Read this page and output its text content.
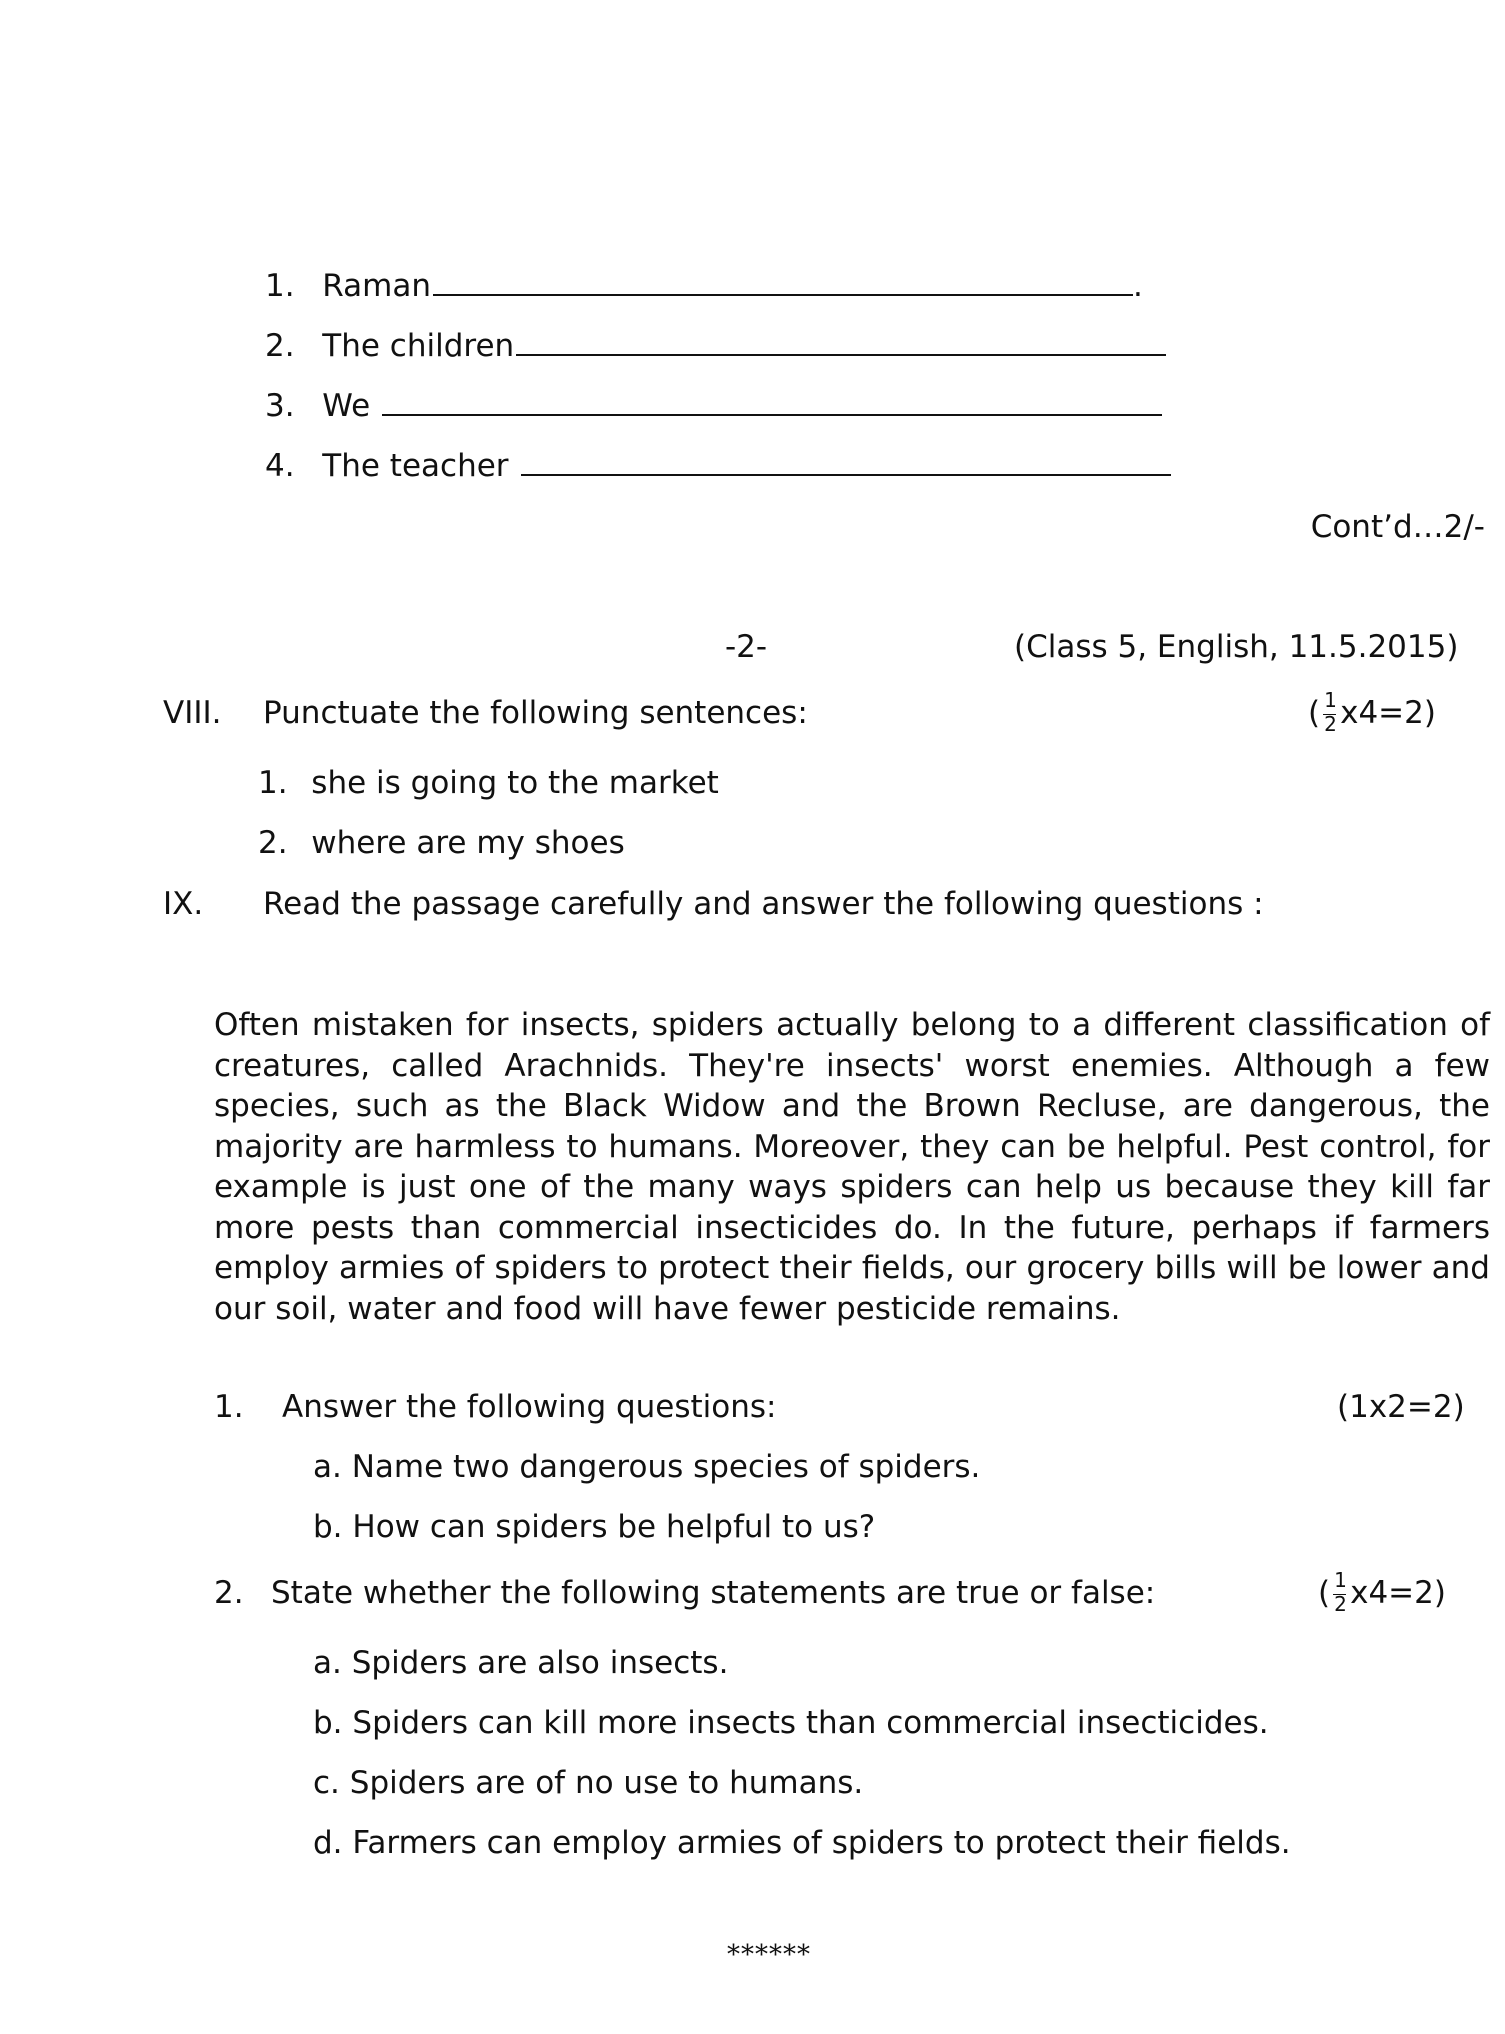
1. Raman	.
2. The children
3. We
4. The teacher
Cont’d…2/-
-2-	(Class 5, English, 11.5.2015)
VIII. Punctuate the following sentences:	( $\frac{1}{2} x4=2$)
1. she is going to the market
2. where are my shoes
IX. Read the passage carefully and answer the following questions :
Often mistaken for insects, spiders actually belong to a different classification of creatures, called Arachnids. They're insects' worst enemies. Although a few species, such as the Black Widow and the Brown Recluse, are dangerous, the majority are harmless to humans. Moreover, they can be helpful. Pest control, for example is just one of the many ways spiders can help us because they kill far more pests than commercial insecticides do. In the future, perhaps if farmers employ armies of spiders to protect their fields, our grocery bills will be lower and our soil, water and food will have fewer pesticide remains.
1. Answer the following questions:	(1x2=2)
a. Name two dangerous species of spiders.
b. How can spiders be helpful to us?
2. State whether the following statements are true or false:	( $\frac{1}{2} x4=2$)
a. Spiders are also insects.
b. Spiders can kill more insects than commercial insecticides.
c. Spiders are of no use to humans.
d. Farmers can employ armies of spiders to protect their fields.
******
